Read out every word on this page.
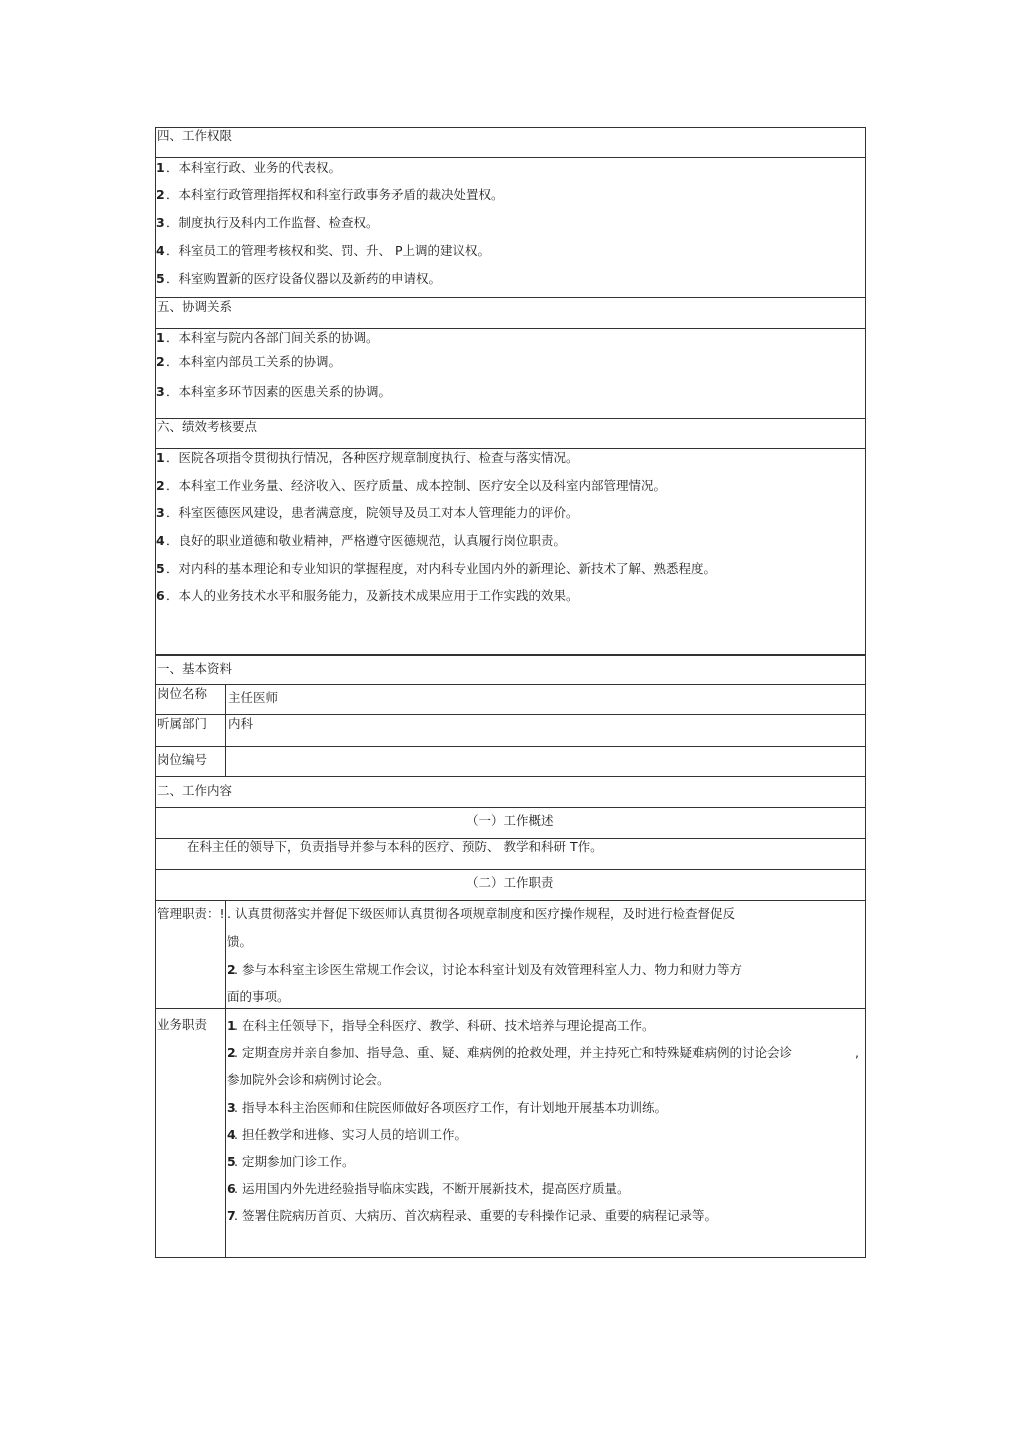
四、工作权限
1 ．本科室行政、业务的代表权。
2 ．本科室行政管理指挥权和科室行政事务矛盾的裁决处置权。
3 ．制度执行及科内工作监督、检查权。
4 ．科室员工的管理考核权和奖、罚、升、 P上调的建议权。
5 ．科室购置新的医疗设备仪器以及新药的申请权。
五、协调关系
1 ．本科室与院内各部门间关系的协调。
2 ．本科室内部员工关系的协调。
3 ．本科室多环节因素的医患关系的协调。
六、绩效考核要点
1 ．医院各项指令贯彻执行情况，各种医疗规章制度执行、检查与落实情况。
2 ．本科室工作业务量、经济收入、医疗质量、成本控制、医疗安全以及科室内部管理情况。
3 ．科室医德医风建设，患者满意度，院领导及员工对本人管理能力的评价。
4 ．良好的职业道德和敬业精神，严格遵守医德规范，认真履行岗位职责。
5 ．对内科的基本理论和专业知识的掌握程度，对内科专业国内外的新理论、新技术了解、熟悉程度。
6 ．本人的业务技术水平和服务能力，及新技术成果应用于工作实践的效果。
一、基本资料
岗位名称 主任医师
听属部门 内科
岗位编号
二、工作内容
（一）工作概述
在科主任的领导下，负责指导并参与本科的医疗、预防、 教学和科研 T作。
（二）工作职责
管理职责：! . 认真贯彻落实并督促下级医师认真贯彻各项规章制度和医疗操作规程，及时进行检查督促反
馈。
2
. 参与本科室主诊医生常规工作会议，讨论本科室计划及有效管理科室人力、物力和财力等方
面的事项。
业务职责 1
. 在科主任领导下，指导全科医疗、教学、科研、技术培养与理论提高工作。
2
. 定期查房并亲自参加、指导急、重、疑、难病例的抢救处理，并主持死亡和特殊疑难病例的讨论会诊	,
参加院外会诊和病例讨论会。
3
. 指导本科主治医师和住院医师做好各项医疗工作，有计划地开展基本功训练。
4
. 担任教学和进修、实习人员的培训工作。
5
. 定期参加门诊工作。
6
. 运用国内外先进经验指导临床实践，不断开展新技术，提高医疗质量。
7
. 签署住院病历首页、大病历、首次病程录、重要的专科操作记录、重要的病程记录等。
